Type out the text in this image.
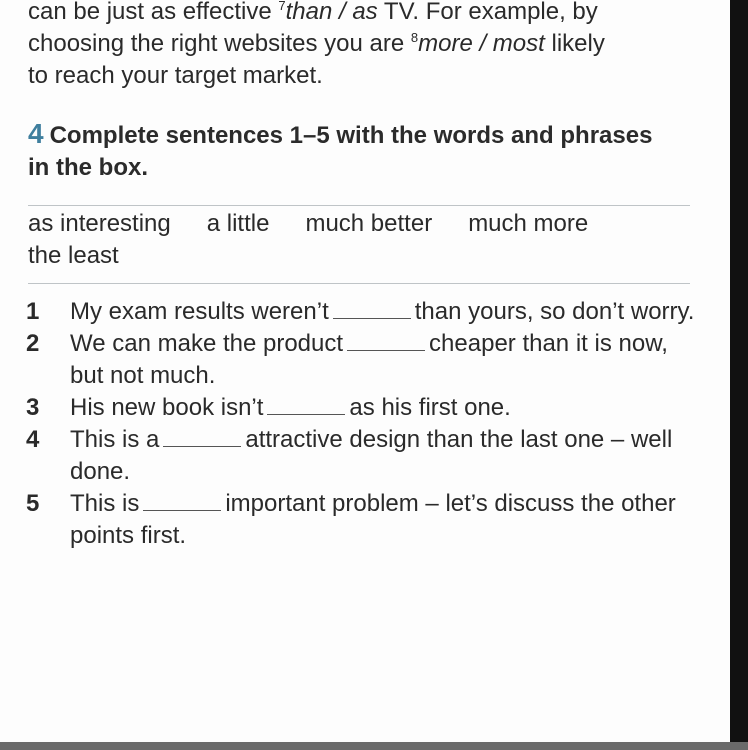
can be just as effective $^7$than / as TV. For example, by
choosing the right websites you are $^8$more / most likely
to reach your target market.
4 Complete sentences 1–5 with the words and phrases in the box.
as interesting a little much better much more
the least
1	My exam results weren’t	than yours, so don’t worry.
2	We can make the product	cheaper than it is now, but not much.
3	His new book isn’t	as his first one.
4	This is a	attractive design than the last one – well done.
5	This is	important problem – let’s discuss the other points first.
